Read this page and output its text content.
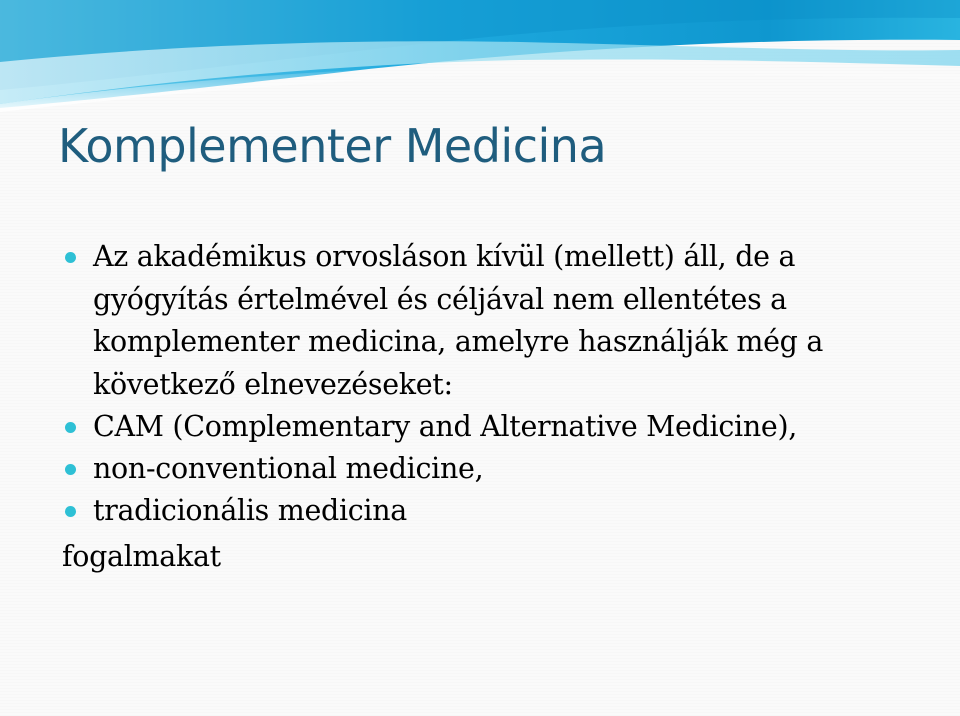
Komplementer Medicina
Az akadémikus orvosláson kívül (mellett) áll, de a gyógyítás értelmével és céljával nem ellentétes a komplementer medicina, amelyre használják még a következő elnevezéseket:
CAM (Complementary and Alternative Medicine),
non-conventional medicine,
tradicionális medicina

fogalmakat
